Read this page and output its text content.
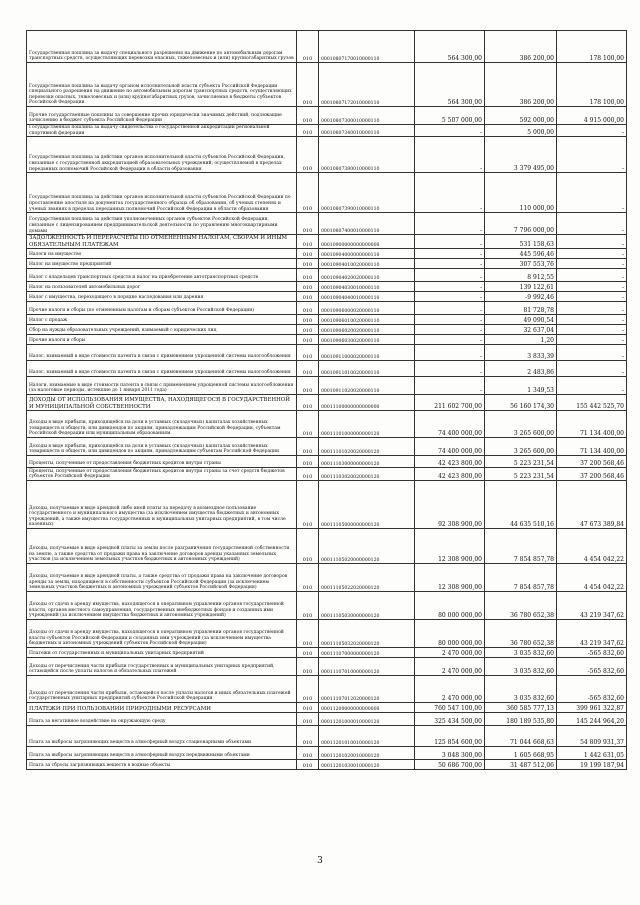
Государственная пошлина за выдачу специального разрешения на движение по автомобильным дорогам транспортных средств, осуществляющих перевозки опасных, тяжеловесных и (или) крупногабаритных грузов	010	00010807170010000110	564 300,00	386 200,00	178 100,00
Государственная пошлина за выдачу органом исполнительной власти субъекта Российской Федерации специального разрешения на движение по автомобильным дорогам транспортных средств, осуществляющих перевозки опасных, тяжеловесных и (или) крупногабаритных грузов, зачисляемая в бюджеты субъектов Российской Федерации	010	00010807172010000110	564 300,00	386 200,00	178 100,00
Прочие государственные пошлины за совершение прочих юридически значимых действий, подлежащие зачислению в бюджет субъекта Российской Федерации	010	00010807300010000110	5 507 000,00	592 000,00	4 915 000,00
Государственная пошлина за выдачу свидетельства о государственной аккредитации региональной спортивной федерации	010	00010807340010000110	-	5 000,00	-
Государственная пошлина за действия органов исполнительной власти субъектов Российской Федерации, связанные с государственной аккредитацией образовательных учреждений, осуществляемой в пределах переданных полномочий Российской Федерации в области образования	010	00010807380010000110	-	3 379 495,00	-
Государственная пошлина за действия органов исполнительной власти субъектов Российской Федерации по проставлению апостиля на документах государственного образца об образовании, об ученых степенях и ученых званиях в пределах переданных полномочий Российской Федерации в области образования	010	00010807390010000110	-	110 000,00	-
Государственная пошлина за действия уполномоченных органов субъектов Российской Федерации, связанные с лицензированием предпринимательской деятельности по управлению многоквартирными домами	010	00010807400010000110	-	7 796 000,00	-
ЗАДОЛЖЕННОСТЬ И ПЕРЕРАСЧЕТЫ ПО ОТМЕНЕННЫМ НАЛОГАМ, СБОРАМ И ИНЫМ ОБЯЗАТЕЛЬНЫМ ПЛАТЕЖАМ	010	00010900000000000000	-	531 158,63	-
Налоги на имущество	010	00010904000000000110	-	445 596,46	-
Налог на имущество предприятий	010	00010904010020000110	-	307 553,76	-
Налог с владельцев транспортных средств и налог на приобретение автотранспортных средств	010	00010904020020000110	-	8 912,55	-
Налог на пользователей автомобильных дорог	010	00010904030010000110	-	139 122,61	-
Налог с имущества, переходящего в порядке наследования или дарения	010	00010904040010000110	-	-9 992,46	-
Прочие налоги и сборы (по отмененным налогам и сборам субъектов Российской Федерации)	010	00010906000020000110	-	81 728,78	-
Налог с продаж	010	00010906010020000110	-	49 090,54	-
Сбор на нужды образовательных учреждений, взимаемый с юридических лиц	010	00010906020020000110	-	32 637,04	-
Прочие налоги и сборы	010	00010906030020000110	-	1,20	-
Налог, взимаемый в виде стоимости патента в связи с применением упрощенной системы налогообложения	010	00010911000020000110	-	3 833,39	-
Налог, взимаемый в виде стоимости патента в связи с применением упрощенной системы налогообложения	010	00010911010020000110	-	2 483,86	-
Налоги, взимаемые в виде стоимости патента в связи с применением упрощенной системы налогообложения (за налоговые периоды, истекшие до 1 января 2011 года)	010	00010911020020000110	-	1 349,53	-
ДОХОДЫ ОТ ИСПОЛЬЗОВАНИЯ ИМУЩЕСТВА, НАХОДЯЩЕГОСЯ В ГОСУДАРСТВЕННОЙ И МУНИЦИПАЛЬНОЙ СОБСТВЕННОСТИ	010	00011100000000000000	211 602 700,00	56 160 174,30	155 442 525,70
Доходы в виде прибыли, приходящейся на доли в уставных (складочных) капиталах хозяйственных товариществ и обществ, или дивидендов по акциям, принадлежащим Российской Федерации, субъектам Российской Федерации или муниципальным образованиям	010	00011101000000000120	74 400 000,00	3 265 600,00	71 134 400,00
Доходы в виде прибыли, приходящейся на доли в уставных (складочных) капиталах хозяйственных товариществ и обществ, или дивидендов по акциям, принадлежащим субъектам Российской Федерации	010	00011101020020000120	74 400 000,00	3 265 600,00	71 134 400,00
Проценты, полученные от предоставления бюджетных кредитов внутри страны	010	00011103000000000120	42 423 800,00	5 223 231,54	37 200 568,46
Проценты, полученные от предоставления бюджетных кредитов внутри страны за счет средств бюджетов субъектов Российской Федерации	010	00011103020020000120	42 423 800,00	5 223 231,54	37 200 568,46
Доходы, получаемые в виде арендной либо иной платы за передачу в возмездное пользование государственного и муниципального имущества (за исключением имущества бюджетных и автономных учреждений, а также имущества государственных и муниципальных унитарных предприятий, в том числе казенных)	010	00011105000000000120	92 308 900,00	44 635 510,16	47 673 389,84
Доходы, получаемые в виде арендной платы за земли после разграничения государственной собственности на землю, а также средства от продажи права на заключение договоров аренды указанных земельных участков (за исключением земельных участков бюджетных и автономных учреждений)	010	00011105020000000120	12 308 900,00	7 854 857,78	4 454 042,22
Доходы, получаемые в виде арендной платы, а также средства от продажи права на заключение договоров аренды за земли, находящиеся в собственности субъектов Российской Федерации (за исключением земельных участков бюджетных и автономных учреждений субъектов Российской Федерации)	010	00011105022020000120	12 308 900,00	7 854 857,78	4 454 042,22
Доходы от сдачи в аренду имущества, находящегося в оперативном управлении органов государственной власти, органов местного самоуправления, государственных внебюджетных фондов и созданных ими учреждений (за исключением имущества бюджетных и автономных учреждений)	010	00011105030000000120	80 000 000,00	36 780 652,38	43 219 347,62
Доходы от сдачи в аренду имущества, находящегося в оперативном управлении органов государственной власти субъектов Российской Федерации и созданных ими учреждений (за исключением имущества бюджетных и автономных учреждений субъектов Российской Федерации)	010	00011105032020000120	80 000 000,00	36 780 652,38	43 219 347,62
Платежи от государственных и муниципальных унитарных предприятий	010	00011107000000000120	2 470 000,00	3 035 832,60	-565 832,60
Доходы от перечисления части прибыли государственных и муниципальных унитарных предприятий, остающейся после уплаты налогов и обязательных платежей	010	00011107010000000120	2 470 000,00	3 035 832,60	-565 832,60
Доходы от перечисления части прибыли, остающейся после уплаты налогов и иных обязательных платежей государственных унитарных предприятий субъектов Российской Федерации	010	00011107012020000120	2 470 000,00	3 035 832,60	-565 832,60
ПЛАТЕЖИ ПРИ ПОЛЬЗОВАНИИ ПРИРОДНЫМИ РЕСУРСАМИ	010	00011200000000000000	760 547 100,00	360 585 777,13	399 961 322,87
Плата за негативное воздействие на окружающую среду	010	00011201000010000120	325 434 500,00	180 189 535,80	145 244 964,20
Плата за выбросы загрязняющих веществ в атмосферный воздух стационарными объектами	010	00011201010010000120	125 854 600,00	71 044 668,63	54 809 931,37
Плата за выбросы загрязняющих веществ в атмосферный воздух передвижными объектами	010	00011201020010000120	3 048 300,00	1 605 668,95	1 442 631,05
Плата за сбросы загрязняющих веществ в водные объекты	010	00011201030010000120	50 686 700,00	31 487 512,06	19 199 187,94
3
